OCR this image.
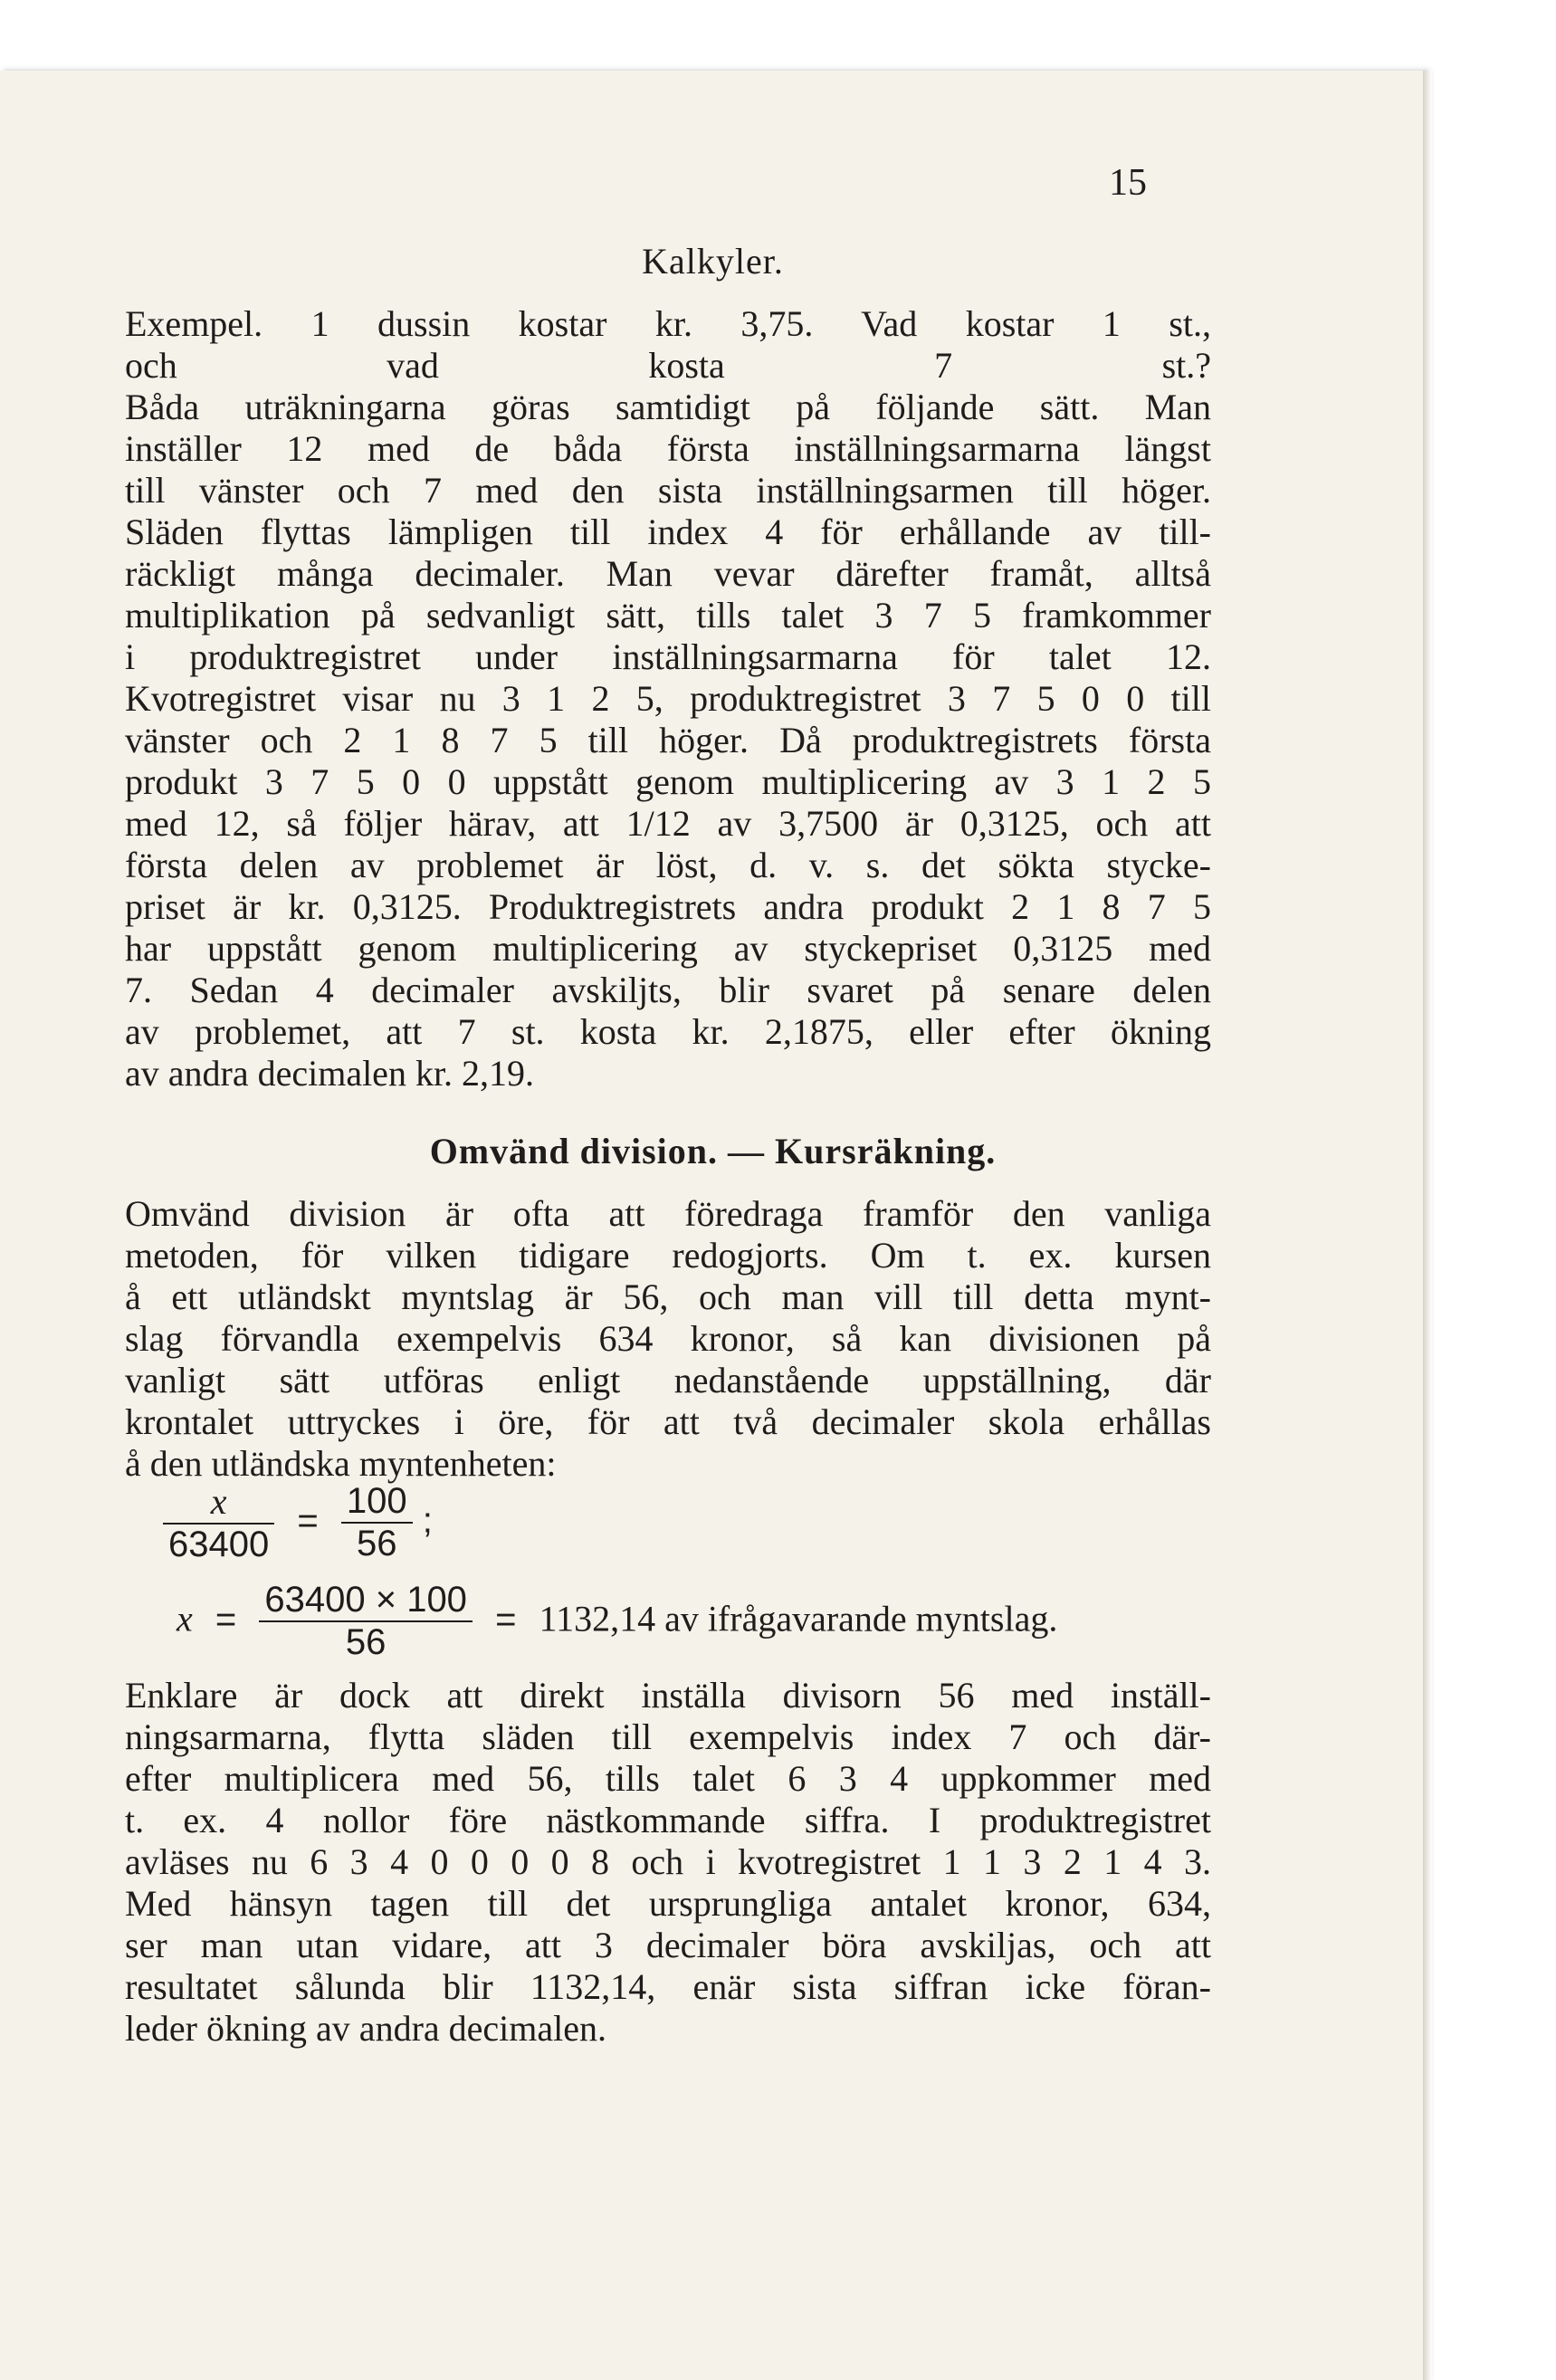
15
Kalkyler.
Exempel. 1 dussin kostar kr. 3,75. Vad kostar 1 st.,
och vad kosta 7 st.?
Båda uträkningarna göras samtidigt på följande sätt. Man
inställer 12 med de båda första inställningsarmarna längst
till vänster och 7 med den sista inställningsarmen till höger.
Släden flyttas lämpligen till index 4 för erhållande av till-
räckligt många decimaler. Man vevar därefter framåt, alltså
multiplikation på sedvanligt sätt, tills talet 3 7 5 framkommer
i produktregistret under inställningsarmarna för talet 12.
Kvotregistret visar nu 3 1 2 5, produktregistret 3 7 5 0 0 till
vänster och 2 1 8 7 5 till höger. Då produktregistrets första
produkt 3 7 5 0 0 uppstått genom multiplicering av 3 1 2 5
med 12, så följer härav, att 1/12 av 3,7500 är 0,3125, och att
första delen av problemet är löst, d. v. s. det sökta stycke-
priset är kr. 0,3125. Produktregistrets andra produkt 2 1 8 7 5
har uppstått genom multiplicering av styckepriset 0,3125 med
7. Sedan 4 decimaler avskiljts, blir svaret på senare delen
av problemet, att 7 st. kosta kr. 2,1875, eller efter ökning
av andra decimalen kr. 2,19.
Omvänd division. — Kursräkning.
Omvänd division är ofta att föredraga framför den vanliga
metoden, för vilken tidigare redogjorts. Om t. ex. kursen
å ett utländskt myntslag är 56, och man vill till detta mynt-
slag förvandla exempelvis 634 kronor, så kan divisionen på
vanligt sätt utföras enligt nedanstående uppställning, där
krontalet uttryckes i öre, för att två decimaler skola erhållas
å den utländska myntenheten:
$\frac{x}{63400} = \frac{100}{56}$ ;
$x = \frac{63400 \times 100}{56} = 1132,14$ av ifrågavarande myntslag.
Enklare är dock att direkt inställa divisorn 56 med inställ-
ningsarmarna, flytta släden till exempelvis index 7 och där-
efter multiplicera med 56, tills talet 6 3 4 uppkommer med
t. ex. 4 nollor före nästkommande siffra. I produktregistret
avläses nu 6 3 4 0 0 0 0 8 och i kvotregistret 1 1 3 2 1 4 3.
Med hänsyn tagen till det ursprungliga antalet kronor, 634,
ser man utan vidare, att 3 decimaler böra avskiljas, och att
resultatet sålunda blir 1132,14, enär sista siffran icke föran-
leder ökning av andra decimalen.
